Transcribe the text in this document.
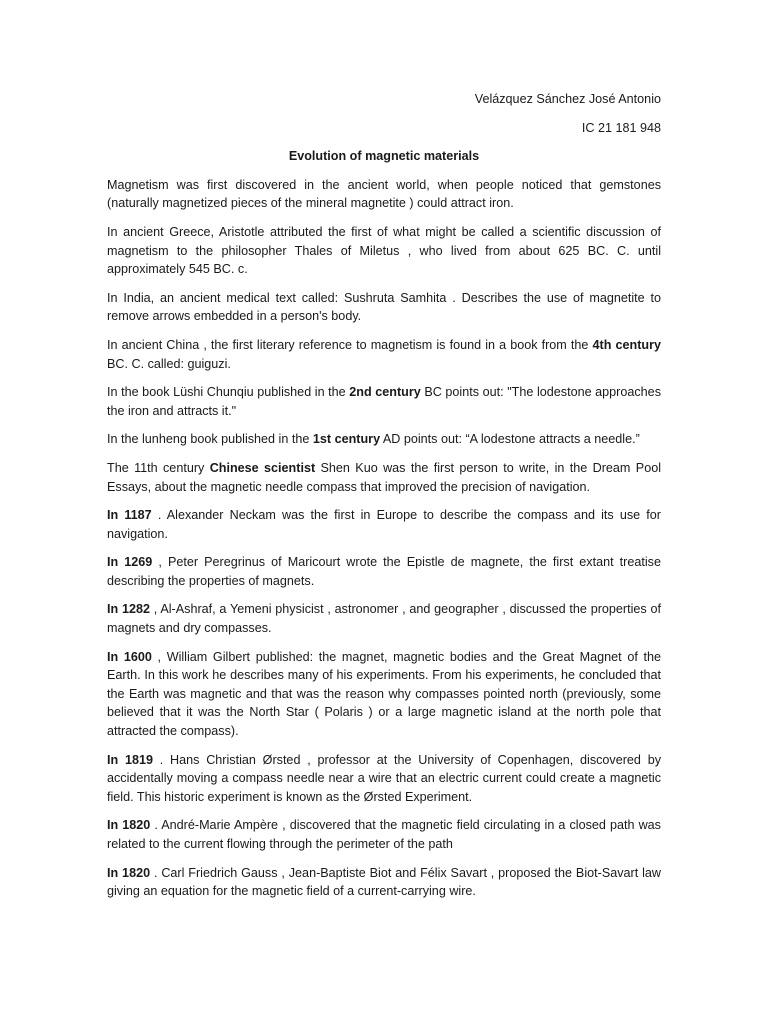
Velázquez Sánchez José Antonio

IC 21 181 948

Evolution of magnetic materials

Magnetism was first discovered in the ancient world, when people noticed that gemstones (naturally magnetized pieces of the mineral magnetite ) could attract iron.

In ancient Greece, Aristotle attributed the first of what might be called a scientific discussion of magnetism to the philosopher Thales of Miletus , who lived from about 625 BC. C. until approximately 545 BC. c.

In India, an ancient medical text called: Sushruta Samhita . Describes the use of magnetite to remove arrows embedded in a person's body.

In ancient China , the first literary reference to magnetism is found in a book from the 4th century BC. C. called: guiguzi.

In the book Lüshi Chunqiu published in the 2nd century BC points out: "The lodestone approaches the iron and attracts it."

In the lunheng book published in the 1st century AD points out: “A lodestone attracts a needle.”

The 11th century Chinese scientist Shen Kuo was the first person to write, in the Dream Pool Essays, about the magnetic needle compass that improved the precision of navigation.

In 1187 . Alexander Neckam was the first in Europe to describe the compass and its use for navigation.

In 1269 , Peter Peregrinus of Maricourt wrote the Epistle de magnete, the first extant treatise describing the properties of magnets.

In 1282 , Al-Ashraf, a Yemeni physicist , astronomer , and geographer , discussed the properties of magnets and dry compasses.

In 1600 , William Gilbert published: the magnet, magnetic bodies and the Great Magnet of the Earth. In this work he describes many of his experiments. From his experiments, he concluded that the Earth was magnetic and that was the reason why compasses pointed north (previously, some believed that it was the North Star ( Polaris ) or a large magnetic island at the north pole that attracted the compass).

In 1819 . Hans Christian Ørsted , professor at the University of Copenhagen, discovered by accidentally moving a compass needle near a wire that an electric current could create a magnetic field. This historic experiment is known as the Ørsted Experiment.

In 1820 . André-Marie Ampère , discovered that the magnetic field circulating in a closed path was related to the current flowing through the perimeter of the path

In 1820 . Carl Friedrich Gauss , Jean-Baptiste Biot and Félix Savart , proposed the Biot-Savart law giving an equation for the magnetic field of a current-carrying wire.
